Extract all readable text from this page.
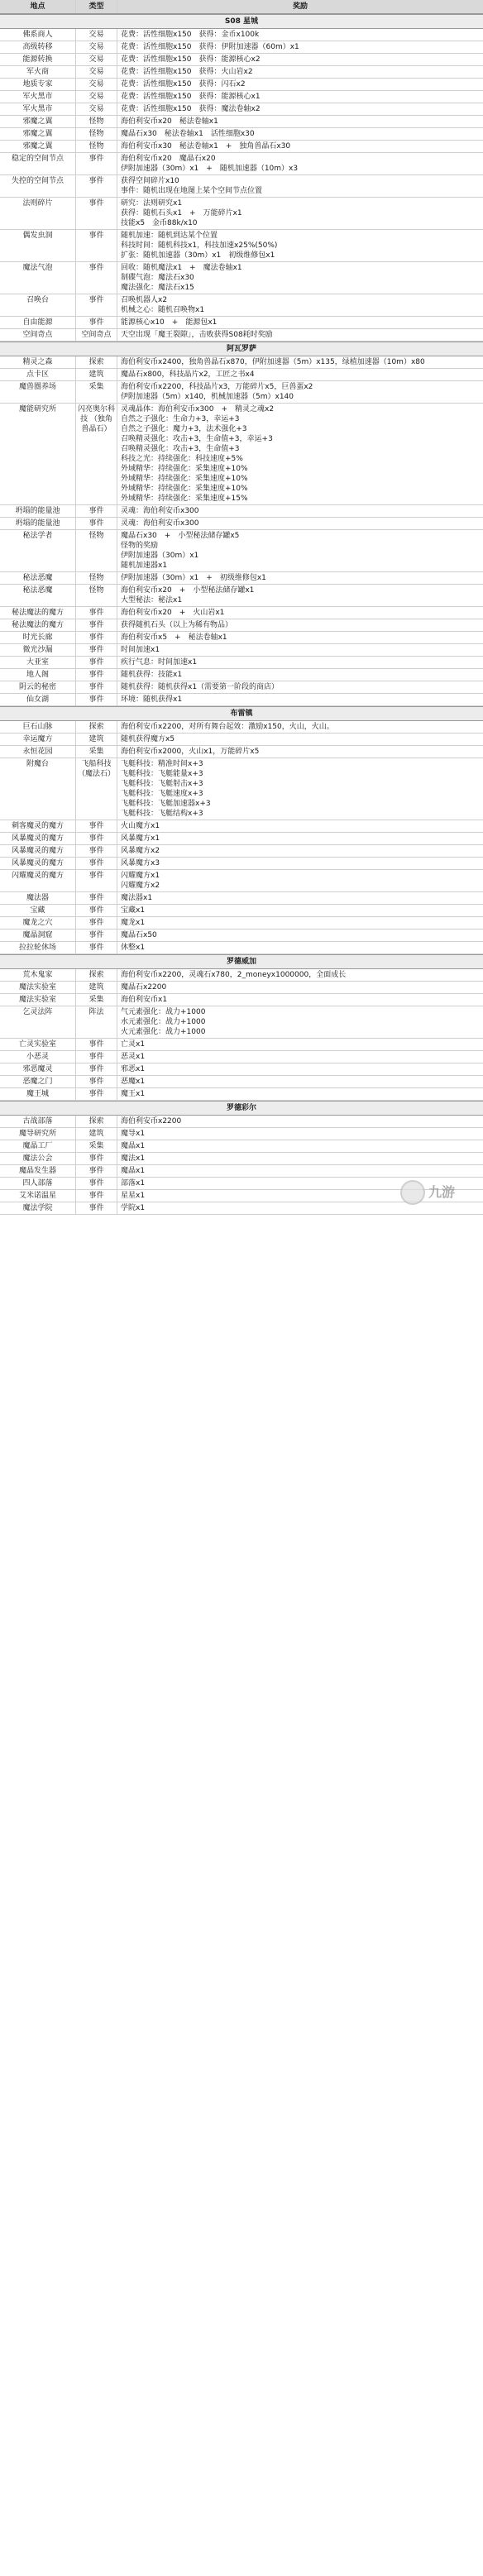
地点	类型	奖励
S08 星城
佛系商人	交易	花费：活性细胞x150　获得：金币x100k
高级转移	交易	花费：活性细胞x150　获得：伊附加速器（60m）x1
能源转换	交易	花费：活性细胞x150　获得：能源核心x2
军火商	交易	花费：活性细胞x150　获得：火山岩x2
地质专家	交易	花费：活性细胞x150　获得：闪石x2
军火黑市	交易	花费：活性细胞x150　获得：能源核心x1
军火黑市	交易	花费：活性细胞x150　获得：魔法卷轴x2
邪魔之翼	怪物	海伯利安币x20　秘法卷轴x1
邪魔之翼	怪物	魔晶石x30　秘法卷轴x1　活性细胞x30
邪魔之翼	怪物	海伯利安币x30　秘法卷轴x1　+　独角兽晶石x30
稳定的空间节点	事件	海伯利安币x20　魔晶石x20
伊附加速器（30m）x1　+　随机加速器（10m）x3
失控的空间节点	事件	获得空间碎片x10
事件：随机出现在地图上某个空间节点位置
法则碎片	事件	研究：法则研究x1
获得：随机石头x1　+　万能碎片x1
技能x5　金币88k/x10
偶发虫洞	事件	随机加速：随机到达某个位置
科技时间：随机科技x1，科技加速x25%(50%)
扩张：随机加速器（30m）x1　初级维修包x1
魔法气泡	事件	回收：随机魔法x1　+　魔法卷轴x1
制碟气泡：魔法石x30
魔法强化：魔法石x15
召唤台	事件	召唤机器人x2
机械之心：随机召唤物x1
自由能源	事件	能源核心x10　+　能源包x1
空间奇点	空间奇点	天空出现「魔王裂隙」，击败获得S08耗时奖励
阿瓦罗萨
精灵之森	探索	海伯利安币x2400，独角兽晶石x870，伊附加速器（5m）x135，绿植加速器（10m）x80
点卡区	建筑	魔晶石x800，科技晶片x2，工匠之书x4
魔兽圈养场	采集	海伯利安币x2200，科技晶片x3，万能碎片x5，巨兽蛋x2
伊附加速器（5m）x140，机械加速器（5m）x140
魔能研究所	闪亮奥尔科技 （独角兽晶石）
灵魂晶体：海伯利安币x300　+　精灵之魂x2
自然之子强化：生命力+3，幸运+3
自然之子强化：魔力+3，法术强化+3
召唤精灵强化：攻击+3，生命值+3，幸运+3
召唤精灵强化：攻击+3，生命值+3
科技之光：持续强化：科技速度+5%
外域精华：持续强化：采集速度+10%
外域精华：持续强化：采集速度+10%
外域精华：持续强化：采集速度+10%
外域精华：持续强化：采集速度+15%
坍塌的能量池	事件	灵魂：海伯利安币x300
坍塌的能量池	事件	灵魂：海伯利安币x300
秘法学者	怪物	魔晶石x30　+　小型秘法储存罐x5
怪物的奖励
伊附加速器（30m）x1
随机加速器x1
秘法恶魔	怪物	伊附加速器（30m）x1　+　初级维修包x1
秘法恶魔	怪物	海伯利安币x20　+　小型秘法储存罐x1
大型秘法：秘法x1
秘法魔法的魔方	事件	海伯利安币x20　+　火山岩x1
秘法魔法的魔方	事件	获得随机石头（以上为稀有物品）
时光长廊	事件	海伯利安币x5　+　秘法卷轴x1
微光沙漏	事件	时间加速x1
大亚室	事件	疾行气息：时间加速x1
地人阁	事件	随机获得：技能x1
阴云的秘密	事件	随机获得：随机获得x1（需要第一阶段的商店）
仙女湖	事件	环境：随机获得x1
布雷镇
巨石山脉	探索	海伯利安币x2200，对所有舞台起效：激励x150，火山，火山。
幸运魔方	建筑	随机获得魔方x5
永恒花园	采集	海伯利安币x2000，火山x1，万能碎片x5
附魔台	飞船科技 （魔法石）
飞艇科技：精准时间x+3
飞艇科技：飞艇能量x+3
飞艇科技：飞艇射击x+3
飞艇科技：飞艇速度x+3
飞艇科技：飞艇加速器x+3
飞艇科技：飞艇结构x+3
刺客魔灵的魔方	事件	火山魔方x1
风暴魔灵的魔方	事件	风暴魔方x1
风暴魔灵的魔方	事件	风暴魔方x2
风暴魔灵的魔方	事件	风暴魔方x3
闪耀魔灵的魔方	事件	闪耀魔方x1
闪耀魔方x2
魔法器	事件	魔法器x1
宝藏	事件	宝藏x1
魔龙之穴	事件	魔龙x1
魔晶洞窟	事件	魔晶石x50
拉拉轮休场	事件	休整x1
罗德威加
荒木鬼家	探索	海伯利安币x2200，灵魂石x780，2_moneyx1000000，全面成长
魔法实验室	建筑	魔晶石x2200
魔法实验室	采集	海伯利安币x1
乞灵法阵	阵法	气元素强化：战力+1000
水元素强化：战力+1000
火元素强化：战力+1000
亡灵实验室	事件	亡灵x1
小恶灵	事件	恶灵x1
邪恶魔灵	事件	邪恶x1
恶魔之门	事件	恶魔x1
魔王城	事件	魔王x1
罗德彩尔
古战部落	探索	海伯利安币x2200
魔导研究所	建筑	魔导x1
魔晶工厂	采集	魔晶x1
魔法公会	事件	魔法x1
魔晶发生器	事件	魔晶x1
四人部落	事件	部落x1
艾米诺温星	事件	星星x1
魔法学院	事件	学院x1
九游
